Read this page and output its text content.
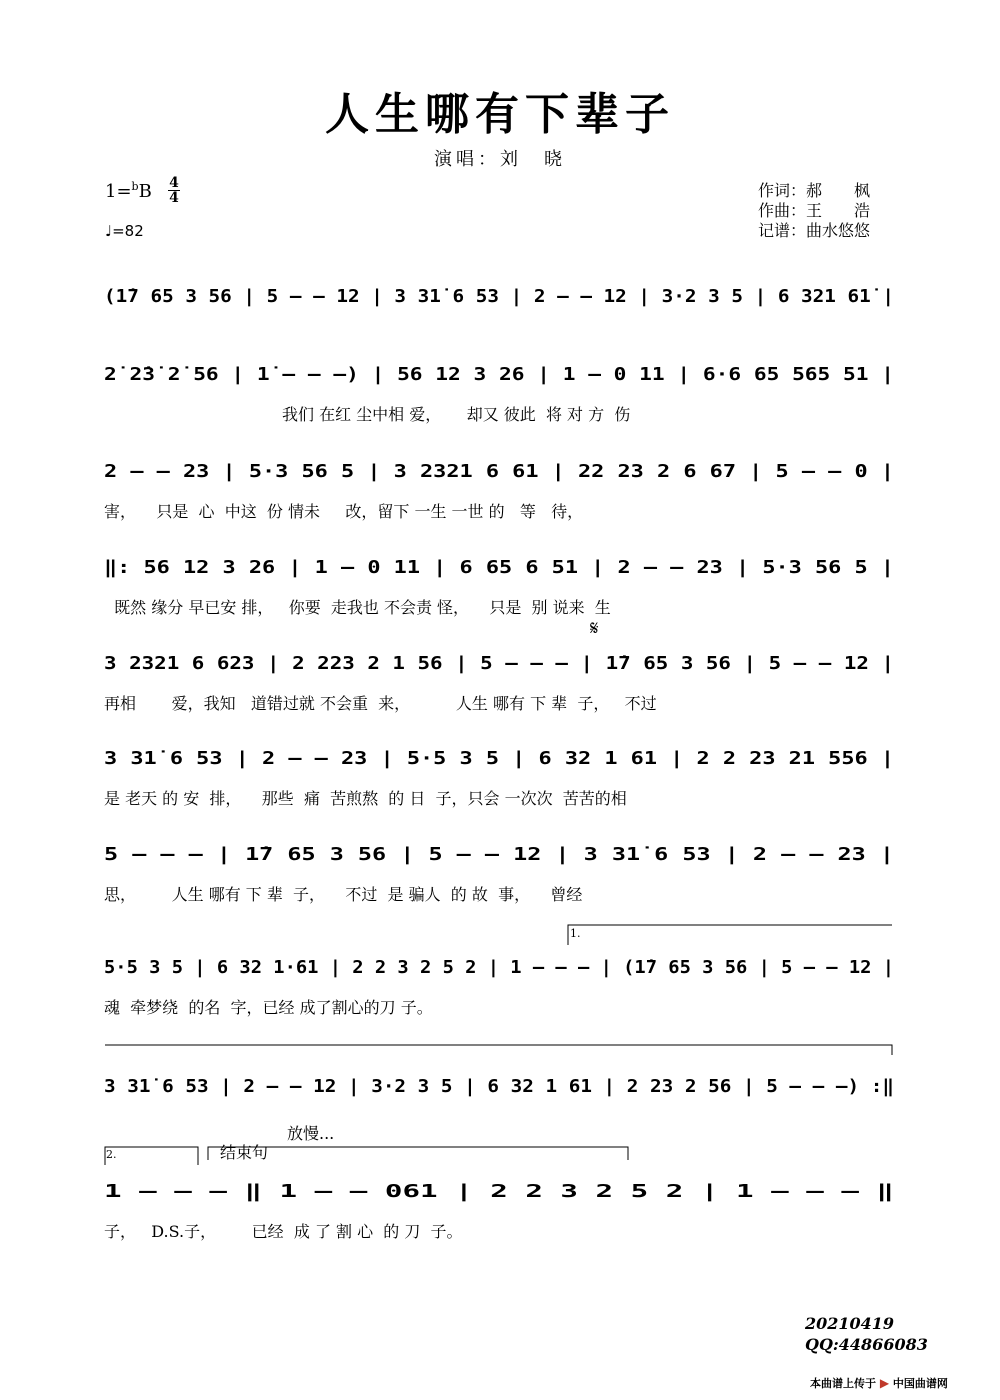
人生哪有下辈子
演唱：刘　晓
1=$^b$B 4
4
♩=82
作词：郝　　枫
作曲：王　　浩
记谱：曲水悠悠
(1̇7 65 3 56 | 5 – – 12 | 3 31̇ 6 53 | 2 – – 12 | 3·2 3 5 | 6 321 61̇ |
2̇ 2̇3̇ 2̇ 56 | 1̇ – – –) | 56 12 3 26 | 1 – 0 11 | 6·6 65 565 51 |
我们 在红 尘中相 爱，     却又 彼此  将 对 方  伤
2 – – 23 | 5·3 56 5 | 3 2321 6 61 | 22 23 2 6 67 | 5 – – 0 |
害，    只是  心  中这  份 情未     改，留下 一生 一世 的   等   待，
‖: 56 12 3 26 | 1 – 0 11 | 6 65 6 51 | 2 – – 23 | 5·3 56 5 |
既然 缘分 早已安 排，   你要  走我也 不会责 怪，    只是  别 说来  生
3 2321 6 623 | 2 223 2 1 56 | 5 – – – | 1̇7 65 3 56 | 5 – – 12 |
再相       爱，我知   道错过就 不会重  来，         人生 哪有 下 辈  子，   不过
3 31̇ 6 53 | 2 – – 23 | 5·5 3 5 | 6 32 1 61 | 2 2 23 21 556 |
是 老天 的 安  排，    那些  痛  苦煎熬  的 日  子，只会 一次次  苦苦的相
5 – – – | 1̇7 65 3 56 | 5 – – 12 | 3 31̇ 6 53 | 2 – – 23 |
思，       人生 哪有 下 辈  子，    不过  是 骗人  的 故  事，    曾经
5·5 3 5 | 6 32 1·61 | 2 2 3 2 5 2 | 1 – – – | (1̇7 65 3 56 | 5 – – 12 |
魂  牵梦绕  的名  字，已经 成了割心的刀 子。
3 31̇ 6 53 | 2 – – 12 | 3·2 3 5 | 6 32 1 61 | 2 23 2 56 | 5 – – –) :‖
1 – – – ‖ 1 – – 061 | 2 2 3 2 5 2 | 1 – – – ‖
子，   D.S.子，       已经  成 了 割 心  的 刀  子。
𝄋
1.
2.	结束句
放慢...
20210419
QQ:44866083
本曲谱上传于 ▶ 中国曲谱网
